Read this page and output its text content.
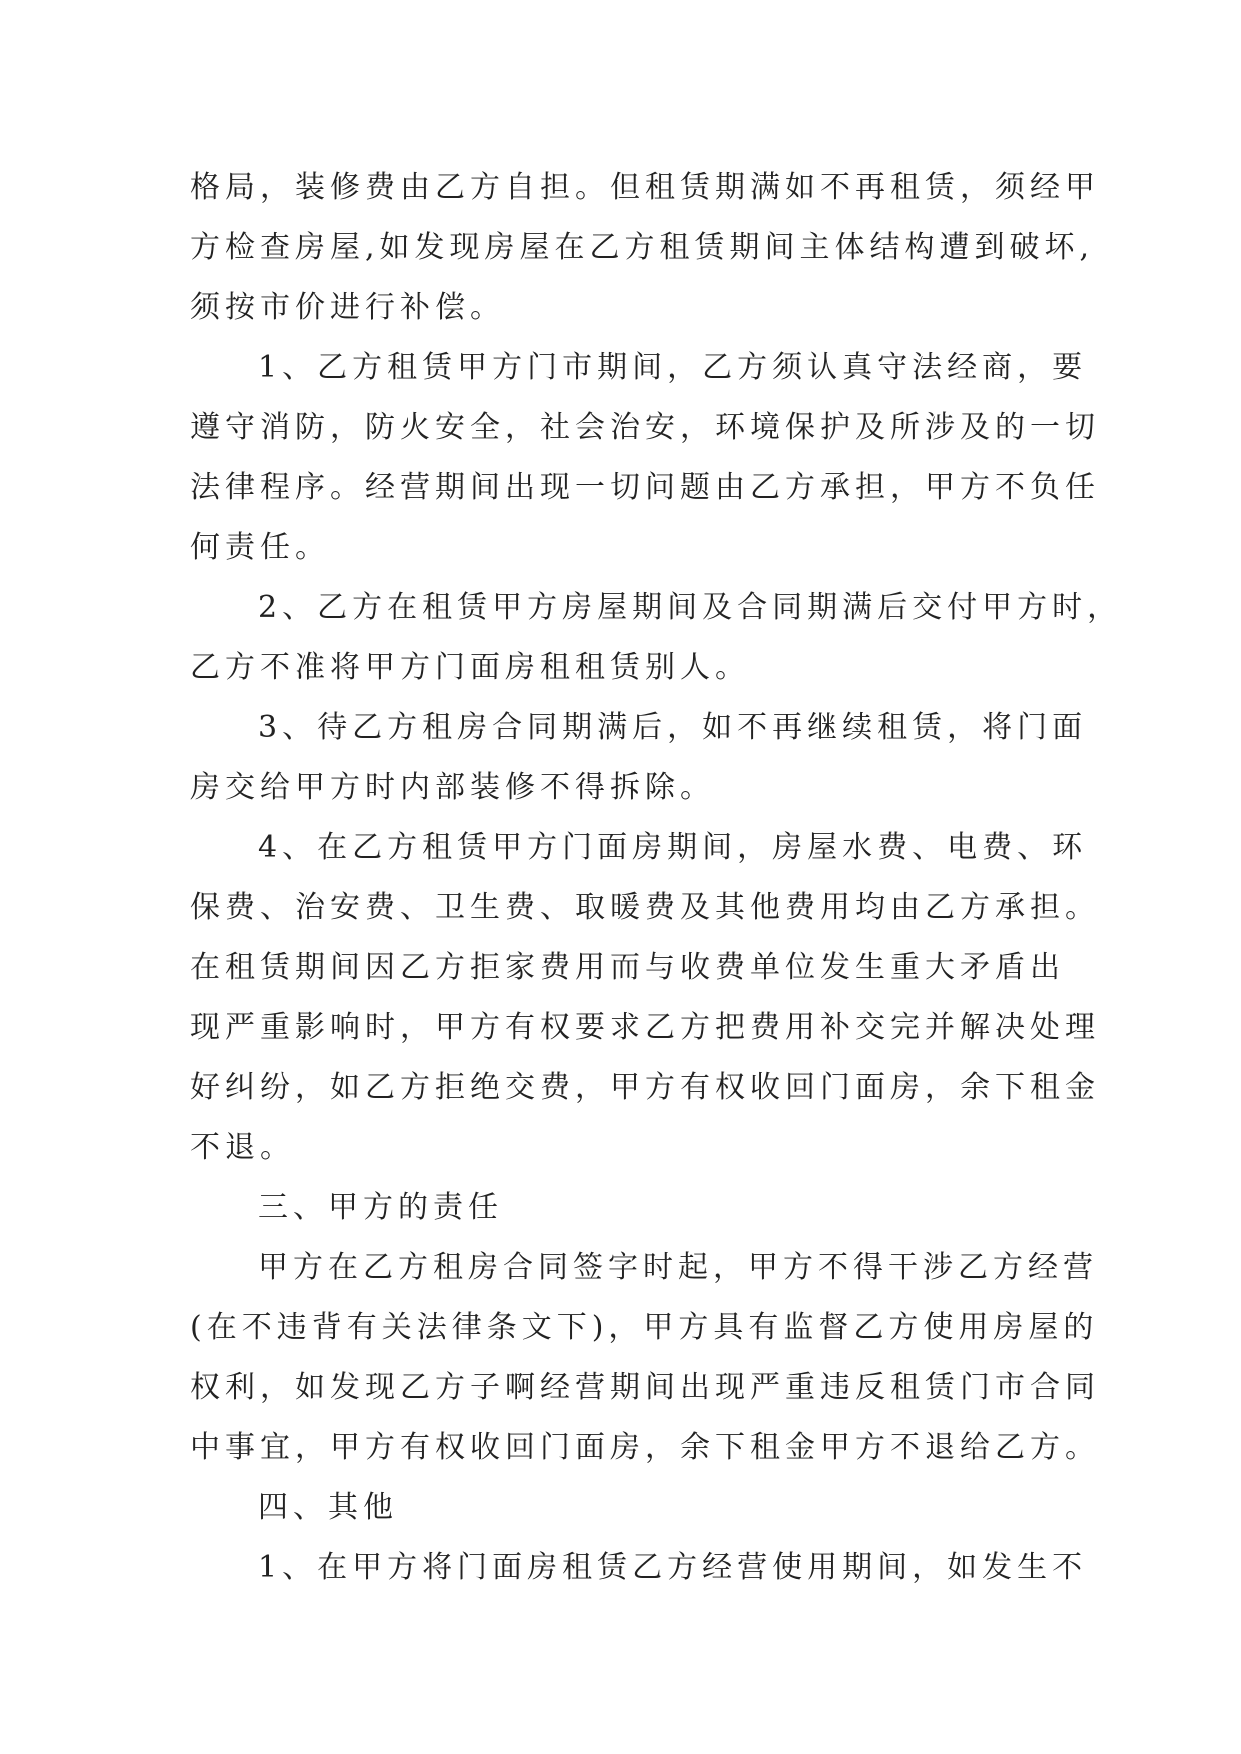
格局，装修费由乙方自担。但租赁期满如不再租赁，须经甲
方检查房屋,如发现房屋在乙方租赁期间主体结构遭到破坏,
须按市价进行补偿。
1、乙方租赁甲方门市期间，乙方须认真守法经商，要
遵守消防，防火安全，社会治安，环境保护及所涉及的一切
法律程序。经营期间出现一切问题由乙方承担，甲方不负任
何责任。
2、乙方在租赁甲方房屋期间及合同期满后交付甲方时，
乙方不准将甲方门面房租租赁别人。
3、待乙方租房合同期满后，如不再继续租赁，将门面
房交给甲方时内部装修不得拆除。
4、在乙方租赁甲方门面房期间，房屋水费、电费、环
保费、治安费、卫生费、取暖费及其他费用均由乙方承担。
在租赁期间因乙方拒家费用而与收费单位发生重大矛盾出
现严重影响时，甲方有权要求乙方把费用补交完并解决处理
好纠纷，如乙方拒绝交费，甲方有权收回门面房，余下租金
不退。
三、甲方的责任
甲方在乙方租房合同签字时起，甲方不得干涉乙方经营
(在不违背有关法律条文下)，甲方具有监督乙方使用房屋的
权利，如发现乙方子啊经营期间出现严重违反租赁门市合同
中事宜，甲方有权收回门面房，余下租金甲方不退给乙方。
四、其他
1、在甲方将门面房租赁乙方经营使用期间，如发生不
